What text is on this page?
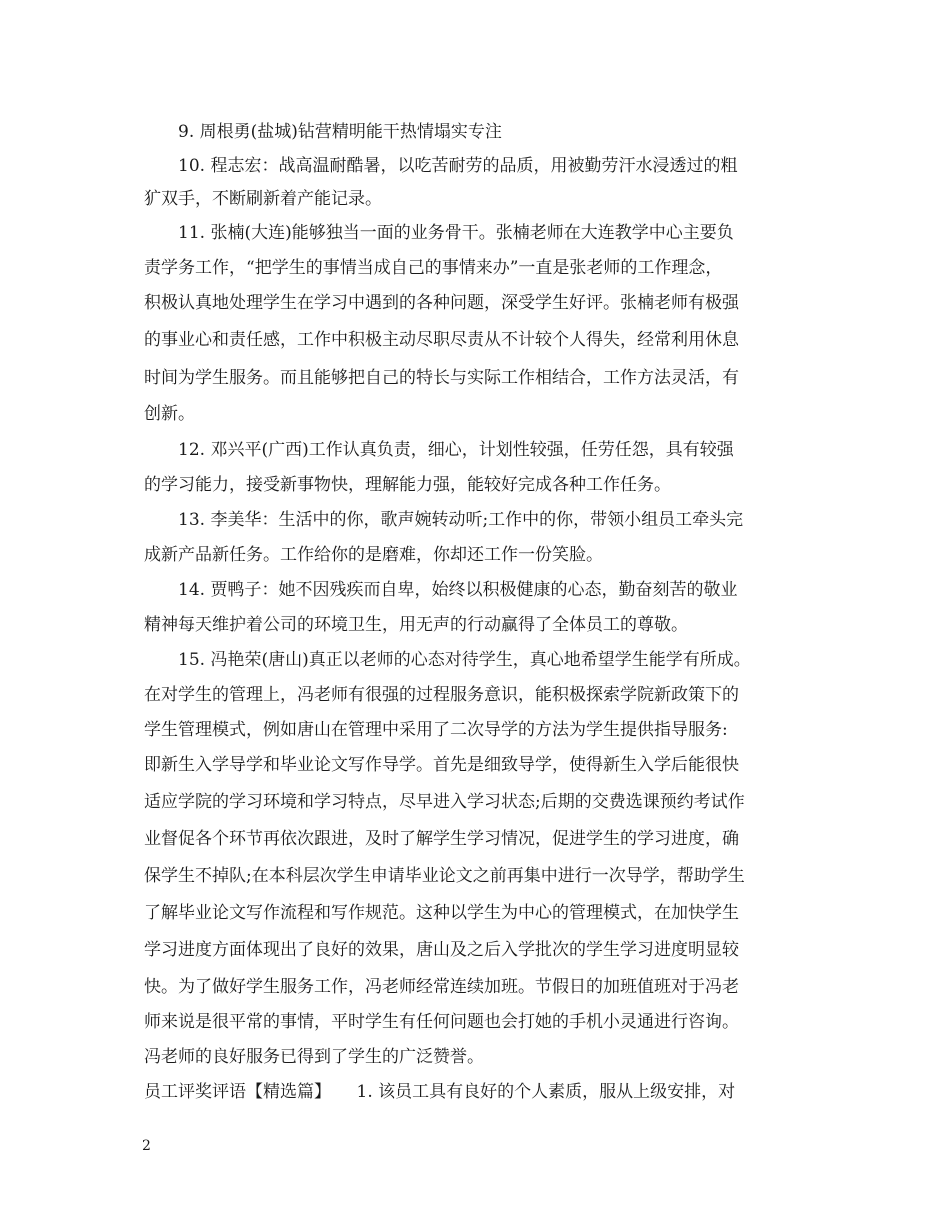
9. 周根勇(盐城)钻营精明能干热情塌实专注
10. 程志宏：战高温耐酷暑，以吃苦耐劳的品质，用被勤劳汗水浸透过的粗
犷双手，不断刷新着产能记录。
11. 张楠(大连)能够独当一面的业务骨干。张楠老师在大连教学中心主要负
责学务工作，“把学生的事情当成自己的事情来办”一直是张老师的工作理念，
积极认真地处理学生在学习中遇到的各种问题，深受学生好评。张楠老师有极强
的事业心和责任感，工作中积极主动尽职尽责从不计较个人得失，经常利用休息
时间为学生服务。而且能够把自己的特长与实际工作相结合，工作方法灵活，有
创新。
12. 邓兴平(广西)工作认真负责，细心，计划性较强，任劳任怨，具有较强
的学习能力，接受新事物快，理解能力强，能较好完成各种工作任务。
13. 李美华：生活中的你，歌声婉转动听;工作中的你，带领小组员工牵头完
成新产品新任务。工作给你的是磨难，你却还工作一份笑脸。
14. 贾鸭子：她不因残疾而自卑，始终以积极健康的心态，勤奋刻苦的敬业
精神每天维护着公司的环境卫生，用无声的行动赢得了全体员工的尊敬。
15. 冯艳荣(唐山)真正以老师的心态对待学生，真心地希望学生能学有所成。
在对学生的管理上，冯老师有很强的过程服务意识，能积极探索学院新政策下的
学生管理模式，例如唐山在管理中采用了二次导学的方法为学生提供指导服务:
即新生入学导学和毕业论文写作导学。首先是细致导学，使得新生入学后能很快
适应学院的学习环境和学习特点，尽早进入学习状态;后期的交费选课预约考试作
业督促各个环节再依次跟进，及时了解学生学习情况，促进学生的学习进度，确
保学生不掉队;在本科层次学生申请毕业论文之前再集中进行一次导学，帮助学生
了解毕业论文写作流程和写作规范。这种以学生为中心的管理模式，在加快学生
学习进度方面体现出了良好的效果，唐山及之后入学批次的学生学习进度明显较
快。为了做好学生服务工作，冯老师经常连续加班。节假日的加班值班对于冯老
师来说是很平常的事情，平时学生有任何问题也会打她的手机小灵通进行咨询。
冯老师的良好服务已得到了学生的广泛赞誉。
员工评奖评语【精选篇】　　1. 该员工具有良好的个人素质，服从上级安排，对
2
